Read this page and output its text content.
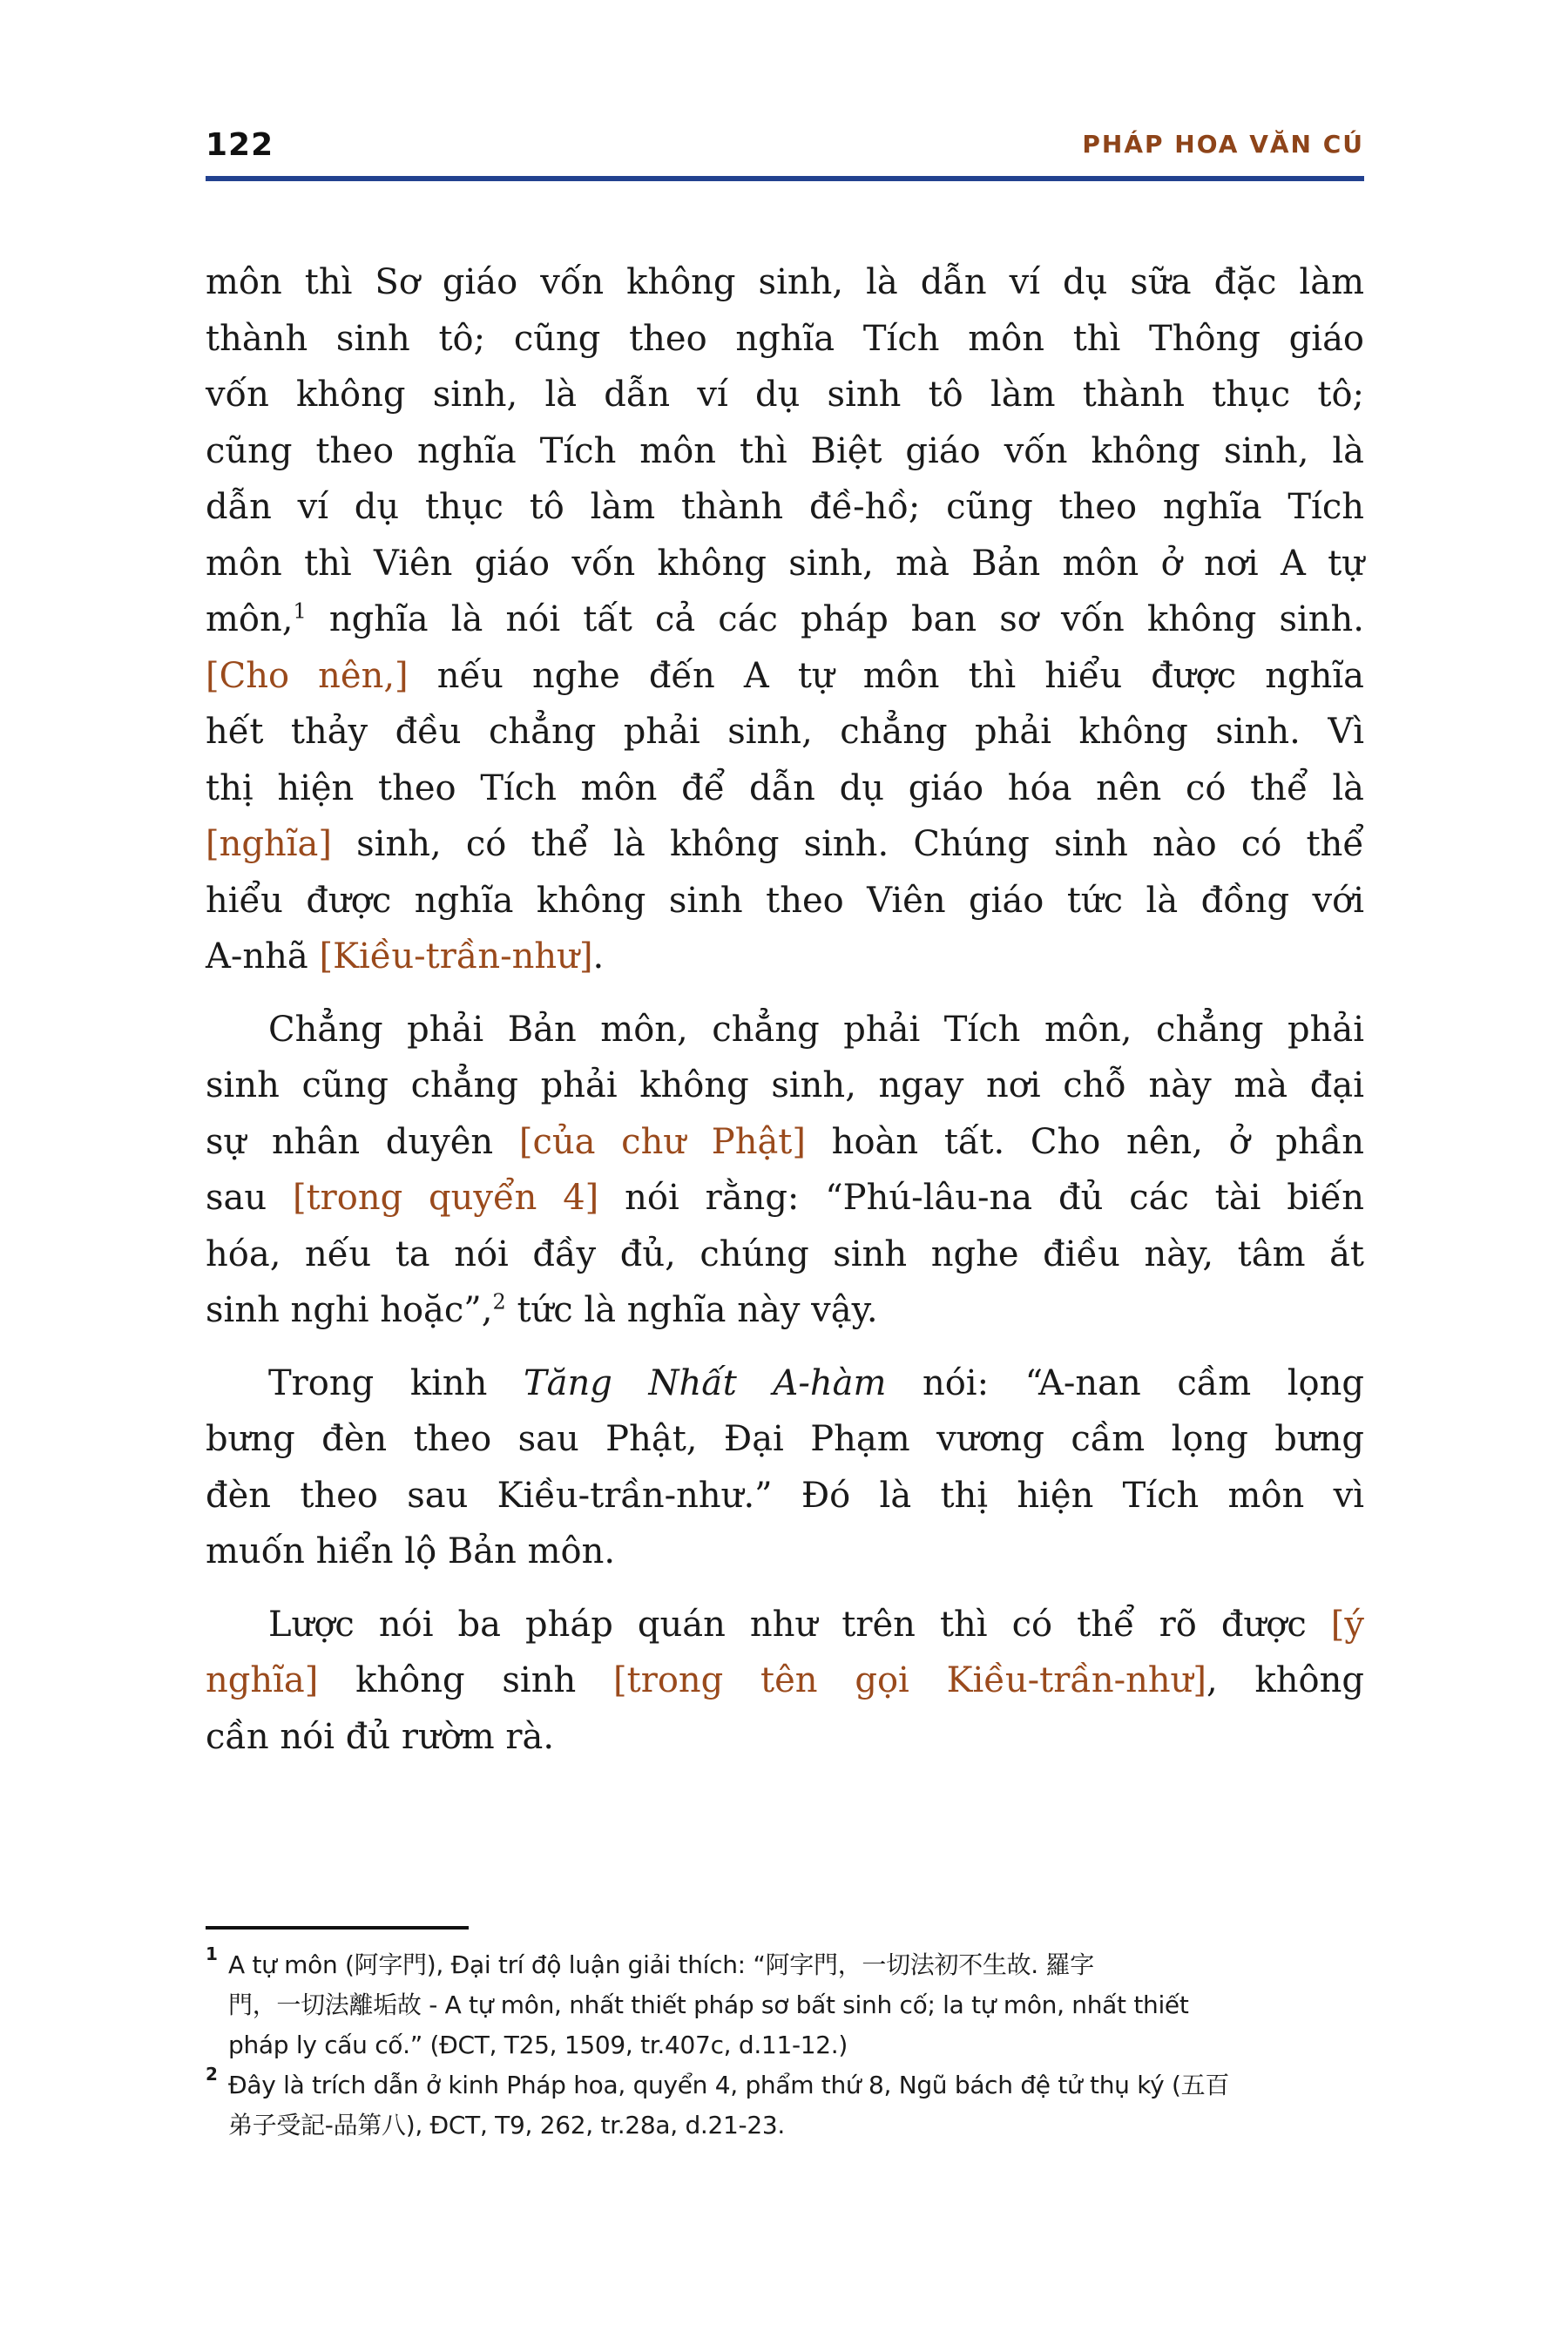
122	PHÁP HOA VĂN CÚ
môn thì Sơ giáo vốn không sinh, là dẫn ví dụ sữa đặc làm
thành sinh tô; cũng theo nghĩa Tích môn thì Thông giáo
vốn không sinh, là dẫn ví dụ sinh tô làm thành thục tô;
cũng theo nghĩa Tích môn thì Biệt giáo vốn không sinh, là
dẫn ví dụ thục tô làm thành đề-hồ; cũng theo nghĩa Tích
môn thì Viên giáo vốn không sinh, mà Bản môn ở nơi A tự
môn,$^1$ nghĩa là nói tất cả các pháp ban sơ vốn không sinh.
[Cho nên,] nếu nghe đến A tự môn thì hiểu được nghĩa
hết thảy đều chẳng phải sinh, chẳng phải không sinh. Vì
thị hiện theo Tích môn để dẫn dụ giáo hóa nên có thể là
[nghĩa] sinh, có thể là không sinh. Chúng sinh nào có thể
hiểu được nghĩa không sinh theo Viên giáo tức là đồng với
A-nhã [Kiều-trần-như].
Chẳng phải Bản môn, chẳng phải Tích môn, chẳng phải
sinh cũng chẳng phải không sinh, ngay nơi chỗ này mà đại
sự nhân duyên [của chư Phật] hoàn tất. Cho nên, ở phần
sau [trong quyển 4] nói rằng: “Phú-lâu-na đủ các tài biến
hóa, nếu ta nói đầy đủ, chúng sinh nghe điều này, tâm ắt
sinh nghi hoặc”,$^2$ tức là nghĩa này vậy.
Trong kinh Tăng Nhất A-hàm nói: “A-nan cầm lọng
bưng đèn theo sau Phật, Đại Phạm vương cầm lọng bưng
đèn theo sau Kiều-trần-như.” Đó là thị hiện Tích môn vì
muốn hiển lộ Bản môn.
Lược nói ba pháp quán như trên thì có thể rõ được [ý
nghĩa] không sinh [trong tên gọi Kiều-trần-như], không
cần nói đủ rườm rà.
1 A tự môn (阿字門), Đại trí độ luận giải thích: “阿字門，一切法初不生故. 羅字
門，一切法離垢故 - A tự môn, nhất thiết pháp sơ bất sinh cố; la tự môn, nhất thiết
pháp ly cấu cố.” (ĐCT, T25, 1509, tr.407c, d.11-12.)
2 Đây là trích dẫn ở kinh Pháp hoa, quyển 4, phẩm thứ 8, Ngũ bách đệ tử thụ ký (五百
弟子受記-品第八), ĐCT, T9, 262, tr.28a, d.21-23.
